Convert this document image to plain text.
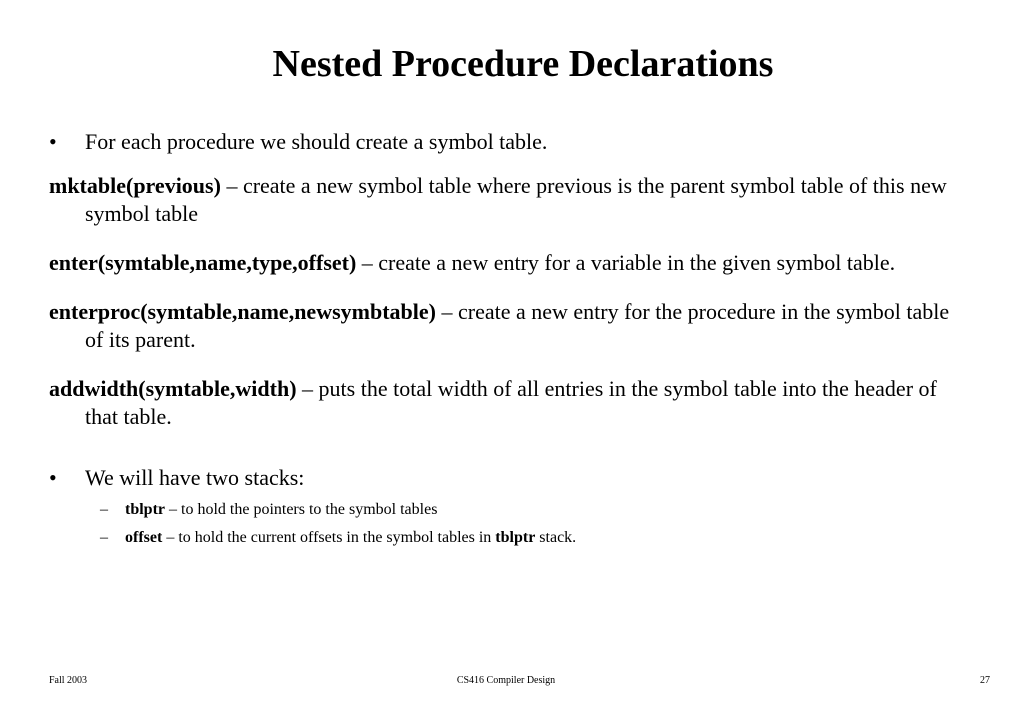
Nested Procedure Declarations

• For each procedure we should create a symbol table.

mktable(previous) – create a new symbol table where previous is the parent symbol table of this new symbol table

enter(symtable,name,type,offset) – create a new entry for a variable in the given symbol table.

enterproc(symtable,name,newsymbtable) – create a new entry for the procedure in the symbol table of its parent.

addwidth(symtable,width) – puts the total width of all entries in the symbol table into the header of that table.

• We will have two stacks:

– tblptr – to hold the pointers to the symbol tables

– offset – to hold the current offsets in the symbol tables in tblptr stack.

Fall 2003	CS416 Compiler Design	27
